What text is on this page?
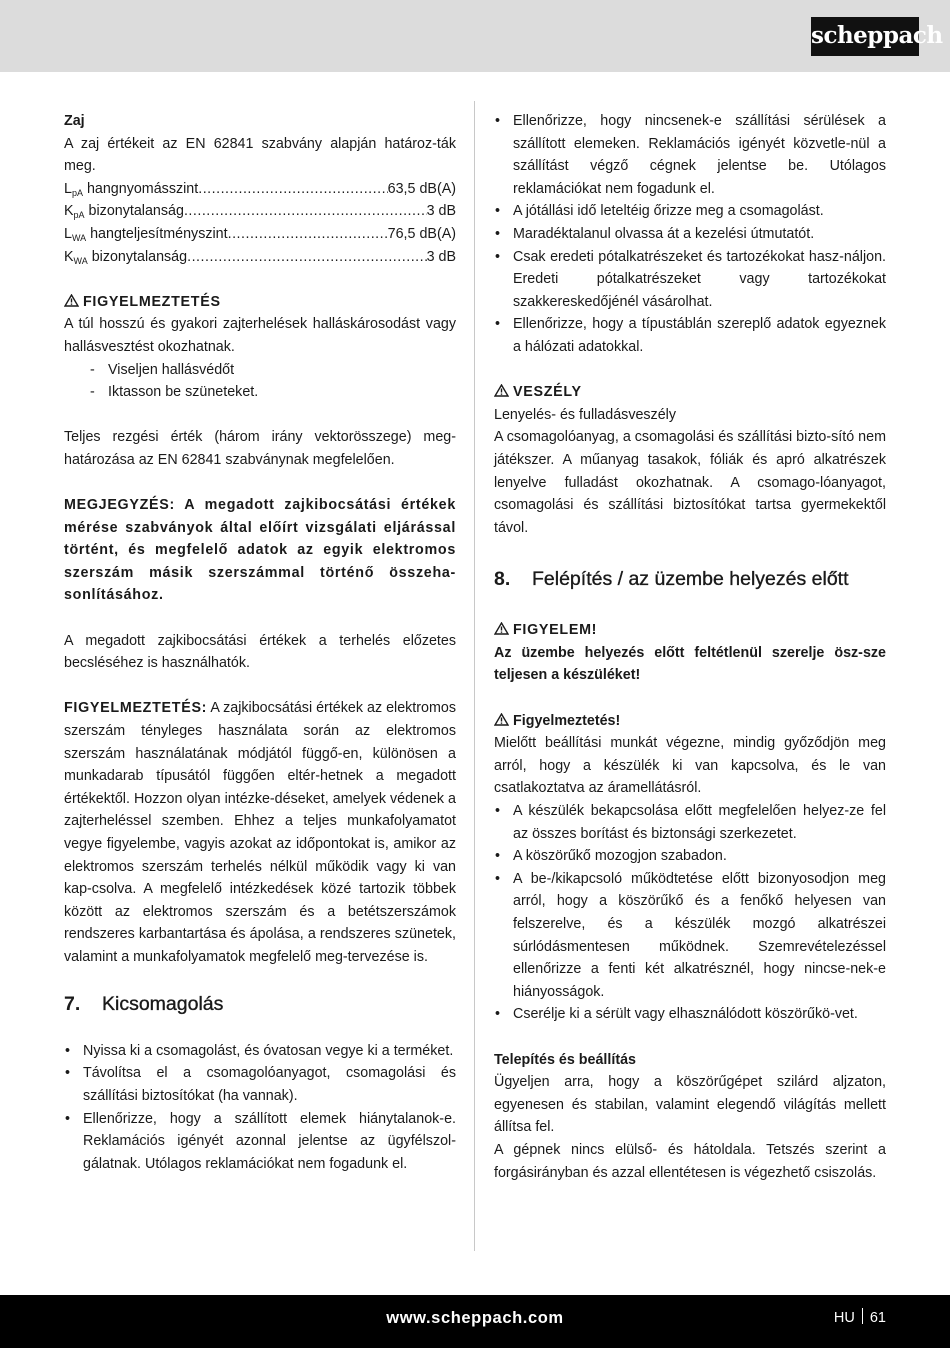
scheppach
Zaj
A zaj értékeit az EN 62841 szabvány alapján határoz-ták meg.
$L_{pA}$ hangnyomásszint .....	63,5 dB(A)
$K_{pA}$ bizonytalanság .....	3 dB
$L_{WA}$ hangteljesítményszint .....	76,5 dB(A)
$K_{WA}$ bizonytalanság .....	3 dB
FIGYELMEZTETÉS
A túl hosszú és gyakori zajterhelések halláskárosodást vagy hallásvesztést okozhatnak.
- Viseljen hallásvédőt
- Iktasson be szüneteket.
Teljes rezgési érték (három irány vektorösszege) meg-határozása az EN 62841 szabványnak megfelelően.
MEGJEGYZÉS: A megadott zajkibocsátási értékek mérése szabványok által előírt vizsgálati eljárással történt, és megfelelő adatok az egyik elektromos szerszám másik szerszámmal történő összeha-sonlításához.
A megadott zajkibocsátási értékek a terhelés előzetes becsléséhez is használhatók.
FIGYELMEZTETÉS: A zajkibocsátási értékek az elektromos szerszám tényleges használata során az elektromos szerszám használatának módjától függő-en, különösen a munkadarab típusától függően eltér-hetnek a megadott értékektől. Hozzon olyan intézke-déseket, amelyek védenek a zajterheléssel szemben. Ehhez a teljes munkafolyamatot vegye figyelembe, vagyis azokat az időpontokat is, amikor az elektromos szerszám terhelés nélkül működik vagy ki van kap-csolva. A megfelelő intézkedések közé tartozik többek között az elektromos szerszám és a betétszerszámok rendszeres karbantartása és ápolása, a rendszeres szünetek, valamint a munkafolyamatok megfelelő meg-tervezése is.
7. Kicsomagolás
• Nyissa ki a csomagolást, és óvatosan vegye ki a terméket.
• Távolítsa el a csomagolóanyagot, csomagolási és szállítási biztosítókat (ha vannak).
• Ellenőrizze, hogy a szállított elemek hiánytalanok-e. Reklamációs igényét azonnal jelentse az ügyfélszol-gálatnak. Utólagos reklamációkat nem fogadunk el.
• Ellenőrizze, hogy nincsenek-e szállítási sérülések a szállított elemeken. Reklamációs igényét közvetle-nül a szállítást végző cégnek jelentse be. Utólagos reklamációkat nem fogadunk el.
• A jótállási idő leteltéig őrizze meg a csomagolást.
• Maradéktalanul olvassa át a kezelési útmutatót.
• Csak eredeti pótalkatrészeket és tartozékokat hasz-náljon. Eredeti pótalkatrészeket vagy tartozékokat szakkereskedőjénél vásárolhat.
• Ellenőrizze, hogy a típustáblán szereplő adatok egyeznek a hálózati adatokkal.
VESZÉLY
Lenyelés- és fulladásveszély
A csomagolóanyag, a csomagolási és szállítási bizto-sító nem játékszer. A műanyag tasakok, fóliák és apró alkatrészek lenyelve fulladást okozhatnak. A csomago-lóanyagot, csomagolási és szállítási biztosítókat tartsa gyermekektől távol.
8. Felépítés / az üzembe helyezés előtt
FIGYELEM!
Az üzembe helyezés előtt feltétlenül szerelje ösz-sze teljesen a készüléket!
Figyelmeztetés!
Mielőtt beállítási munkát végezne, mindig győződjön meg arról, hogy a készülék ki van kapcsolva, és le van csatlakoztatva az áramellátásról.
• A készülék bekapcsolása előtt megfelelően helyez-ze fel az összes borítást és biztonsági szerkezetet.
• A köszörűkő mozogjon szabadon.
• A be-/kikapcsoló működtetése előtt bizonyosodjon meg arról, hogy a köszörűkő és a fenőkő helyesen van felszerelve, és a készülék mozgó alkatrészei súrlódásmentesen működnek. Szemrevételezéssel ellenőrizze a fenti két alkatrésznél, hogy nincse-nek-e hiányosságok.
• Cserélje ki a sérült vagy elhasználódott köszörűkö-vet.
Telepítés és beállítás
Ügyeljen arra, hogy a köszörűgépet szilárd aljzaton, egyenesen és stabilan, valamint elegendő világítás mellett állítsa fel.
A gépnek nincs elülső- és hátoldala. Tetszés szerint a forgásirányban és azzal ellentétesen is végezhető csiszolás.
www.scheppach.com	HU 61
